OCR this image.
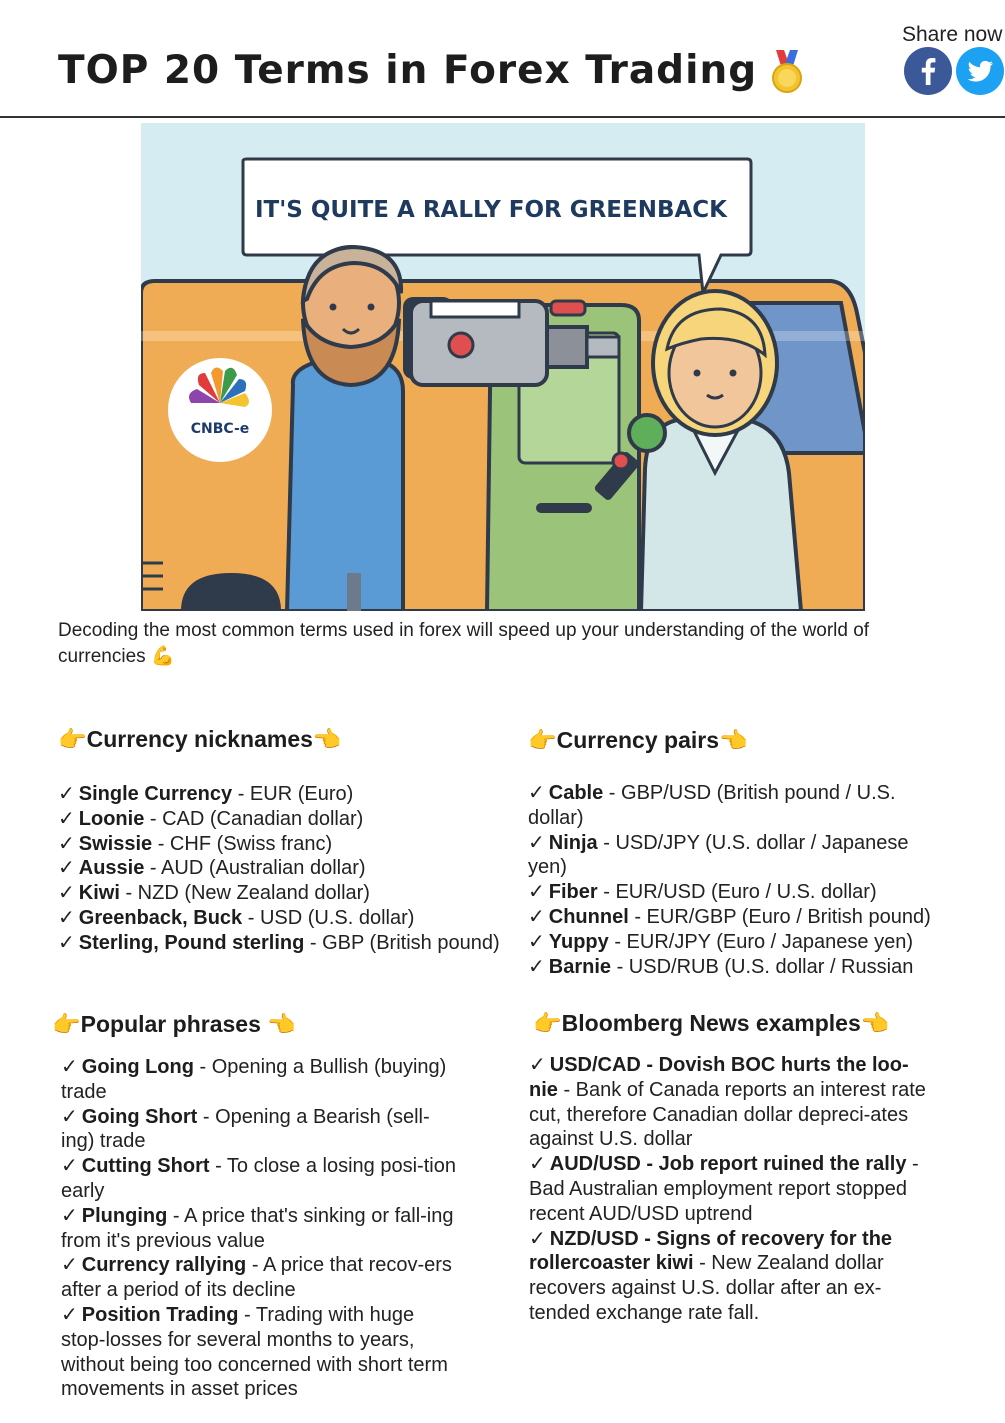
TOP 20 Terms in Forex Trading
Share now
CNBC-e
IT'S QUITE A RALLY FOR GREENBACK
Decoding the most common terms used in forex will speed up your understanding of the world of currencies 💪
👉Currency nicknames👈
✓ Single Currency - EUR (Euro)
✓ Loonie - CAD (Canadian dollar)
✓ Swissie - CHF (Swiss franc)
✓ Aussie - AUD (Australian dollar)
✓ Kiwi - NZD (New Zealand dollar)
✓ Greenback, Buck - USD (U.S. dollar)
✓ Sterling, Pound sterling - GBP (British pound)
👉Currency pairs👈
✓ Cable - GBP/USD (British pound / U.S. dollar)
✓ Ninja - USD/JPY (U.S. dollar / Japanese yen)
✓ Fiber - EUR/USD (Euro / U.S. dollar)
✓ Chunnel - EUR/GBP (Euro / British pound)
✓ Yuppy - EUR/JPY (Euro / Japanese yen)
✓ Barnie - USD/RUB (U.S. dollar / Russian
👉Popular phrases 👈
✓ Going Long - Opening a Bullish (buying) trade
✓ Going Short - Opening a Bearish (sell-ing) trade
✓ Cutting Short - To close a losing posi-tion early
✓ Plunging - A price that's sinking or fall-ing from it's previous value
✓ Currency rallying - A price that recov-ers after a period of its decline
✓ Position Trading - Trading with huge stop-losses for several months to years, without being too concerned with short term movements in asset prices
👉Bloomberg News examples👈
✓ USD/CAD - Dovish BOC hurts the loo-nie - Bank of Canada reports an interest rate cut, therefore Canadian dollar depreci-ates against U.S. dollar
✓ AUD/USD - Job report ruined the rally - Bad Australian employment report stopped recent AUD/USD uptrend
✓ NZD/USD - Signs of recovery for the rollercoaster kiwi - New Zealand dollar recovers against U.S. dollar after an ex-tended exchange rate fall.
